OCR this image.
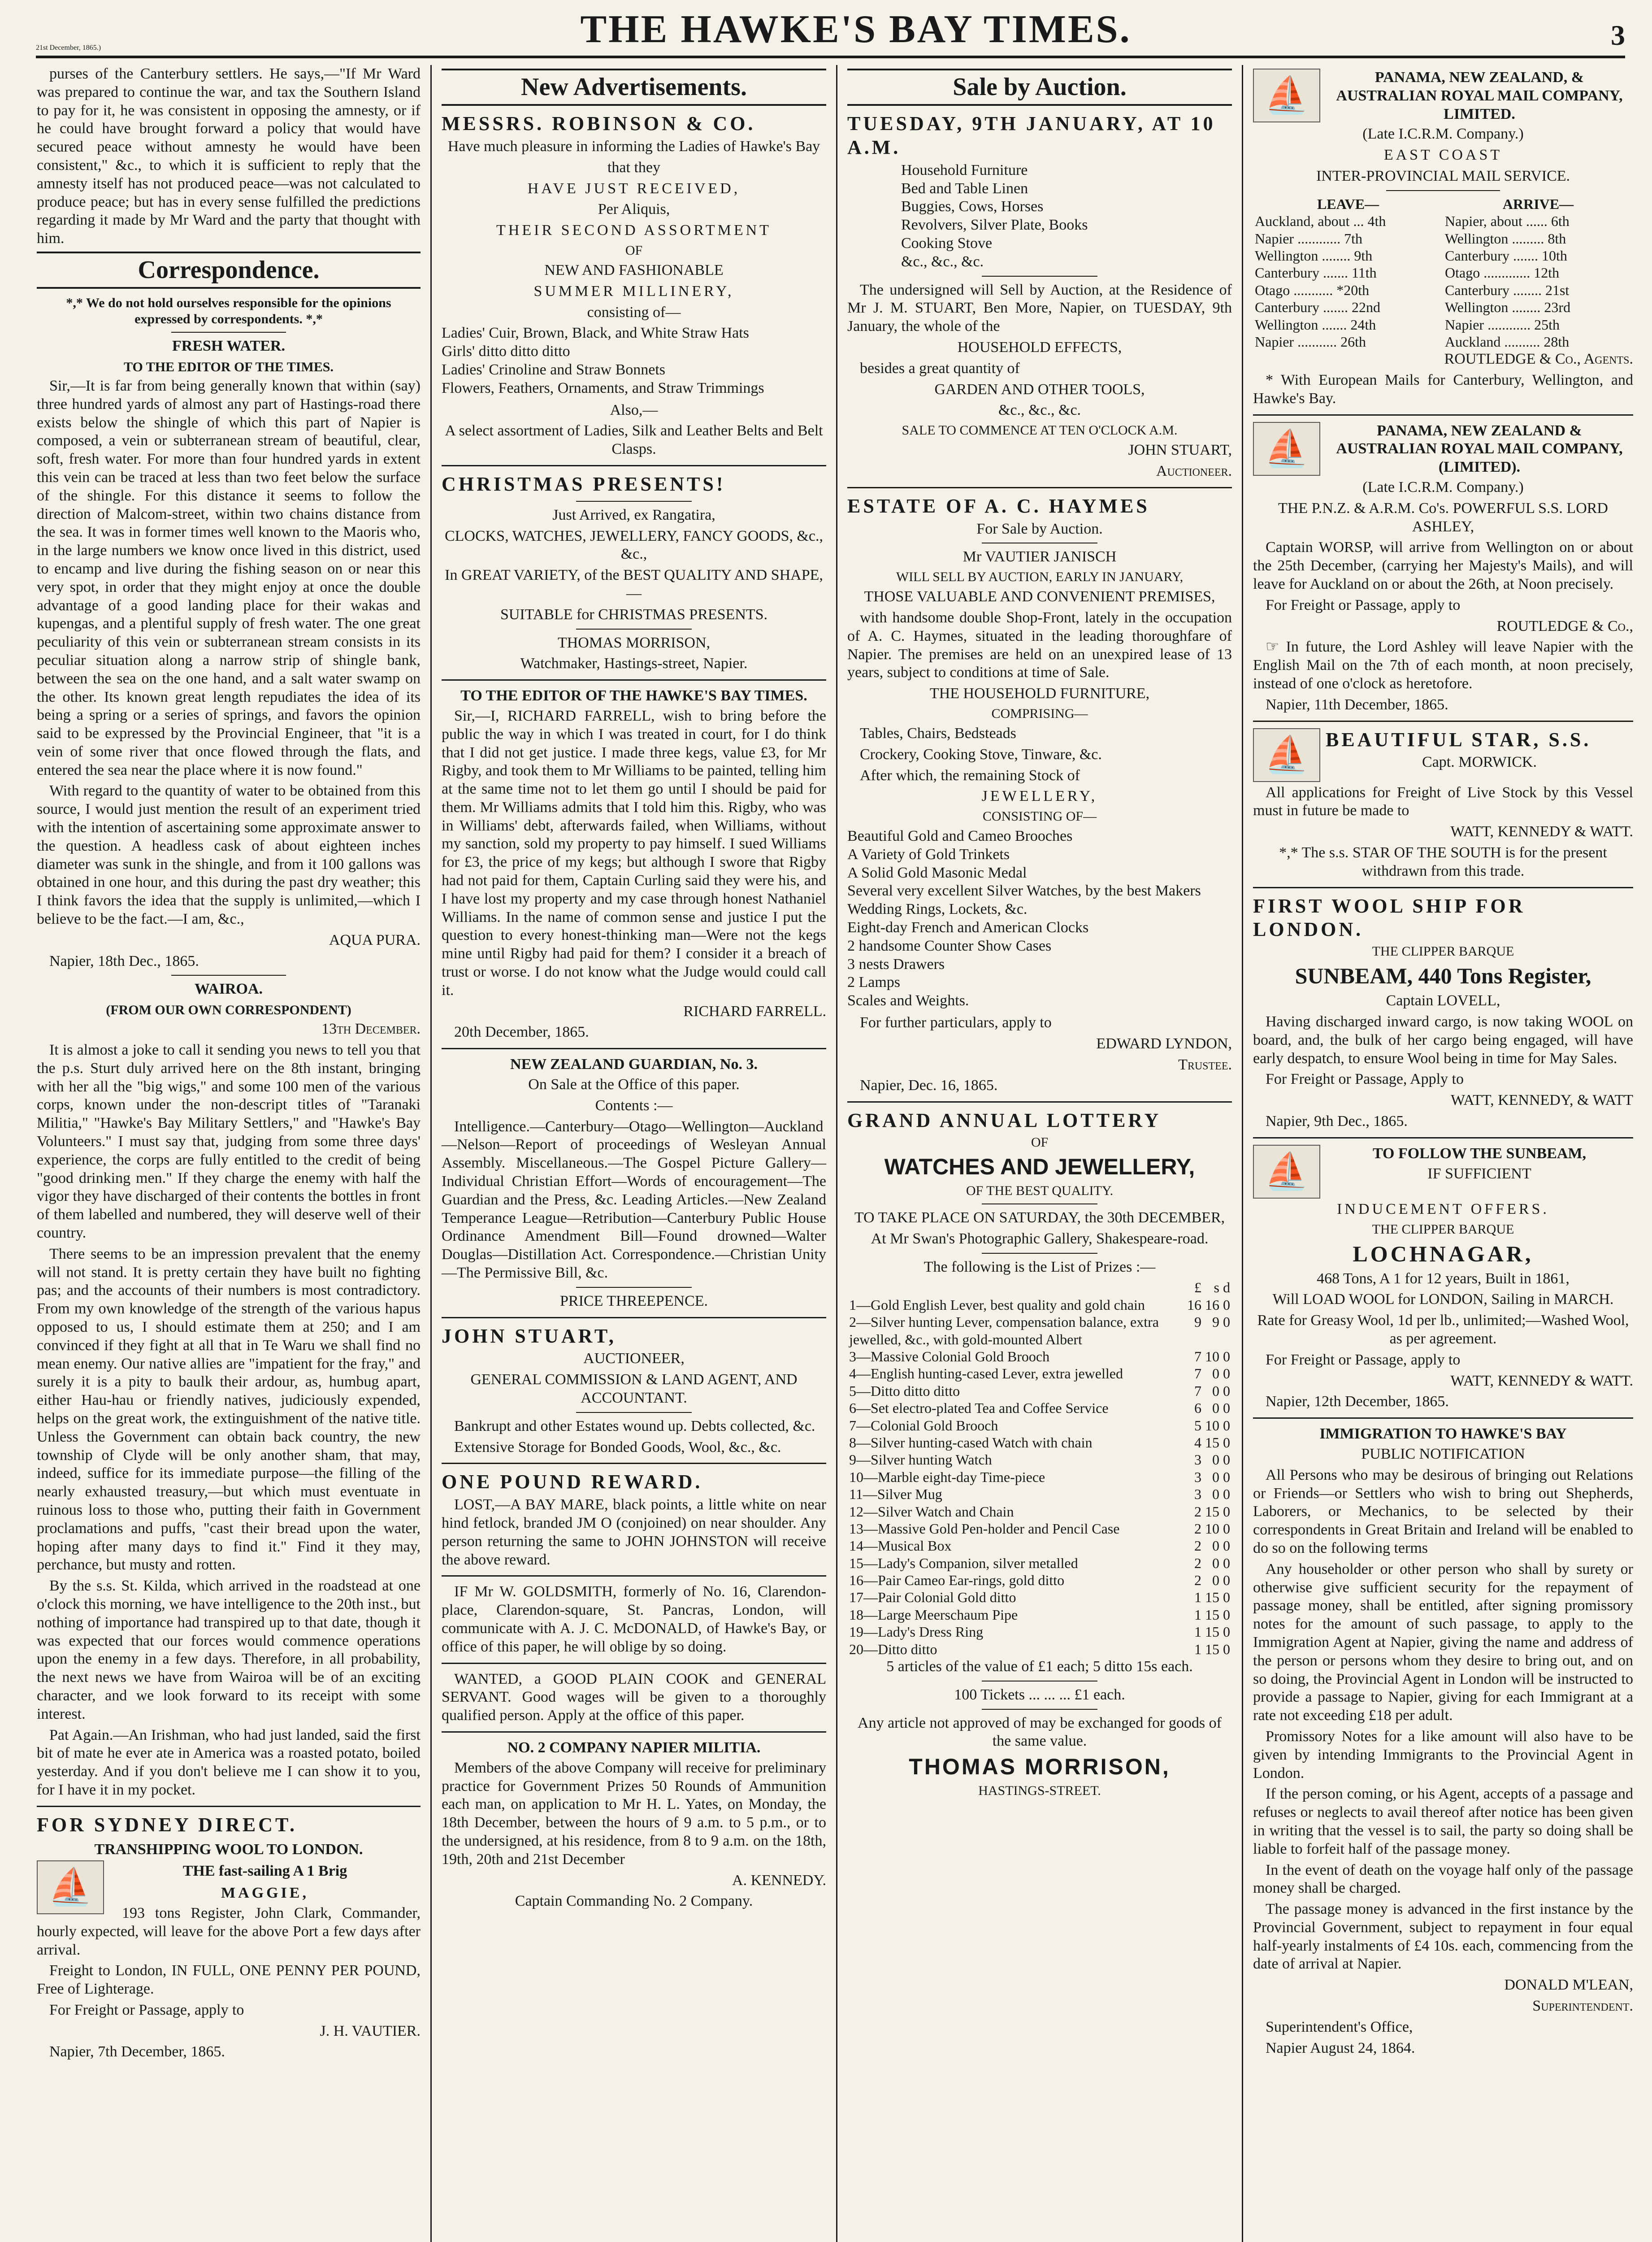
21st December, 1865.)	THE HAWKE'S BAY TIMES.	3

purses of the Canterbury settlers. He says,—"If Mr Ward was prepared to continue the war, and tax the Southern Island to pay for it, he was consistent in opposing the amnesty, or if he could have brought forward a policy that would have secured peace without amnesty he would have been consistent," &c., to which it is sufficient to reply that the amnesty itself has not produced peace—was not calculated to produce peace; but has in every sense fulfilled the predictions regarding it made by Mr Ward and the party that thought with him.

Correspondence.

*,* We do not hold ourselves responsible for the opinions expressed by correspondents. *,*

FRESH WATER.
TO THE EDITOR OF THE TIMES.

Sir,—It is far from being generally known that within (say) three hundred yards of almost any part of Hastings-road there exists below the shingle of which this part of Napier is composed, a vein or subterranean stream of beautiful, clear, soft, fresh water. For more than four hundred yards in extent this vein can be traced at less than two feet below the surface of the shingle. For this distance it seems to follow the direction of Malcom-street, within two chains distance from the sea. It was in former times well known to the Maoris who, in the large numbers we know once lived in this district, used to encamp and live during the fishing season on or near this very spot, in order that they might enjoy at once the double advantage of a good landing place for their wakas and kupengas, and a plentiful supply of fresh water. The one great peculiarity of this vein or subterranean stream consists in its peculiar situation along a narrow strip of shingle bank, between the sea on the one hand, and a salt water swamp on the other. Its known great length repudiates the idea of its being a spring or a series of springs, and favors the opinion said to be expressed by the Provincial Engineer, that "it is a vein of some river that once flowed through the flats, and entered the sea near the place where it is now found."

With regard to the quantity of water to be obtained from this source, I would just mention the result of an experiment tried with the intention of ascertaining some approximate answer to the question. A headless cask of about eighteen inches diameter was sunk in the shingle, and from it 100 gallons was obtained in one hour, and this during the past dry weather; this I think favors the idea that the supply is unlimited,—which I believe to be the fact.—I am, &c.,

AQUA PURA.

Napier, 18th Dec., 1865.

WAIROA.
(FROM OUR OWN CORRESPONDENT)

13th December.

It is almost a joke to call it sending you news to tell you that the p.s. Sturt duly arrived here on the 8th instant, bringing with her all the "big wigs," and some 100 men of the various corps, known under the non-descript titles of "Taranaki Militia," "Hawke's Bay Military Settlers," and "Hawke's Bay Volunteers." I must say that, judging from some three days' experience, the corps are fully entitled to the credit of being "good drinking men." If they charge the enemy with half the vigor they have discharged of their contents the bottles in front of them labelled and numbered, they will deserve well of their country.

There seems to be an impression prevalent that the enemy will not stand. It is pretty certain they have built no fighting pas; and the accounts of their numbers is most contradictory. From my own knowledge of the strength of the various hapus opposed to us, I should estimate them at 250; and I am convinced if they fight at all that in Te Waru we shall find no mean enemy. Our native allies are "impatient for the fray," and surely it is a pity to baulk their ardour, as, humbug apart, either Hau-hau or friendly natives, judiciously expended, helps on the great work, the extinguishment of the native title. Unless the Government can obtain back country, the new township of Clyde will be only another sham, that may, indeed, suffice for its immediate purpose—the filling of the nearly exhausted treasury,—but which must eventuate in ruinous loss to those who, putting their faith in Government proclamations and puffs, "cast their bread upon the water, hoping after many days to find it." Find it they may, perchance, but musty and rotten.

By the s.s. St. Kilda, which arrived in the roadstead at one o'clock this morning, we have intelligence to the 20th inst., but nothing of importance had transpired up to that date, though it was expected that our forces would commence operations upon the enemy in a few days. Therefore, in all probability, the next news we have from Wairoa will be of an exciting character, and we look forward to its receipt with some interest.

Pat Again.—An Irishman, who had just landed, said the first bit of mate he ever ate in America was a roasted potato, boiled yesterday. And if you don't believe me I can show it to you, for I have it in my pocket.

FOR SYDNEY DIRECT.
TRANSHIPPING WOOL TO LONDON.
⛵	THE fast-sailing A 1 Brig
MAGGIE,

193 tons Register, John Clark, Commander, hourly expected, will leave for the above Port a few days after arrival.

Freight to London, IN FULL, ONE PENNY PER POUND, Free of Lighterage.

For Freight or Passage, apply to

J. H. VAUTIER.

Napier, 7th December, 1865.

New Advertisements.
MESSRS. ROBINSON & CO.

Have much pleasure in informing the Ladies of Hawke's Bay

that they

HAVE JUST RECEIVED,

Per Aliquis,

THEIR SECOND ASSORTMENT

OF

NEW AND FASHIONABLE

SUMMER MILLINERY,

consisting of—

Ladies' Cuir, Brown, Black, and White Straw Hats
Girls' ditto ditto ditto
Ladies' Crinoline and Straw Bonnets
Flowers, Feathers, Ornaments, and Straw Trimmings

Also,—

A select assortment of Ladies, Silk and Leather Belts and Belt Clasps.

CHRISTMAS PRESENTS!

Just Arrived, ex Rangatira,

CLOCKS, WATCHES, JEWELLERY, FANCY GOODS, &c., &c.,

In GREAT VARIETY, of the BEST QUALITY AND SHAPE,—

SUITABLE for CHRISTMAS PRESENTS.

THOMAS MORRISON,

Watchmaker, Hastings-street, Napier.

TO THE EDITOR OF THE HAWKE'S BAY TIMES.

Sir,—I, RICHARD FARRELL, wish to bring before the public the way in which I was treated in court, for I do think that I did not get justice. I made three kegs, value £3, for Mr Rigby, and took them to Mr Williams to be painted, telling him at the same time not to let them go until I should be paid for them. Mr Williams admits that I told him this. Rigby, who was in Williams' debt, afterwards failed, when Williams, without my sanction, sold my property to pay himself. I sued Williams for £3, the price of my kegs; but although I swore that Rigby had not paid for them, Captain Curling said they were his, and I have lost my property and my case through honest Nathaniel Williams. In the name of common sense and justice I put the question to every honest-thinking man—Were not the kegs mine until Rigby had paid for them? I consider it a breach of trust or worse. I do not know what the Judge would could call it.

RICHARD FARRELL.

20th December, 1865.

NEW ZEALAND GUARDIAN, No. 3.

On Sale at the Office of this paper.

Contents :—

Intelligence.—Canterbury—Otago—Wellington—Auckland—Nelson—Report of proceedings of Wesleyan Annual Assembly. Miscellaneous.—The Gospel Picture Gallery—Individual Christian Effort—Words of encouragement—The Guardian and the Press, &c. Leading Articles.—New Zealand Temperance League—Retribution—Canterbury Public House Ordinance Amendment Bill—Found drowned—Walter Douglas—Distillation Act. Correspondence.—Christian Unity—The Permissive Bill, &c.

PRICE THREEPENCE.

JOHN STUART,

AUCTIONEER,

GENERAL COMMISSION & LAND AGENT, AND ACCOUNTANT.

Bankrupt and other Estates wound up. Debts collected, &c.

Extensive Storage for Bonded Goods, Wool, &c., &c.

ONE POUND REWARD.

LOST,—A BAY MARE, black points, a little white on near hind fetlock, branded JM O (conjoined) on near shoulder. Any person returning the same to JOHN JOHNSTON will receive the above reward.

IF Mr W. GOLDSMITH, formerly of No. 16, Clarendon-place, Clarendon-square, St. Pancras, London, will communicate with A. J. C. McDONALD, of Hawke's Bay, or office of this paper, he will oblige by so doing.

WANTED, a GOOD PLAIN COOK and GENERAL SERVANT. Good wages will be given to a thoroughly qualified person. Apply at the office of this paper.

NO. 2 COMPANY NAPIER MILITIA.

Members of the above Company will receive for preliminary practice for Government Prizes 50 Rounds of Ammunition each man, on application to Mr H. L. Yates, on Monday, the 18th December, between the hours of 9 a.m. to 5 p.m., or to the undersigned, at his residence, from 8 to 9 a.m. on the 18th, 19th, 20th and 21st December

A. KENNEDY.

Captain Commanding No. 2 Company.

Sale by Auction.
TUESDAY, 9TH JANUARY, AT 10 A.M.
Household Furniture
Bed and Table Linen
Buggies, Cows, Horses
Revolvers, Silver Plate, Books
Cooking Stove
&c., &c., &c.

The undersigned will Sell by Auction, at the Residence of Mr J. M. STUART, Ben More, Napier, on TUESDAY, 9th January, the whole of the

HOUSEHOLD EFFECTS,

besides a great quantity of

GARDEN AND OTHER TOOLS,

&c., &c., &c.

SALE TO COMMENCE AT TEN O'CLOCK A.M.

JOHN STUART,

Auctioneer.

ESTATE OF A. C. HAYMES

For Sale by Auction.

Mr VAUTIER JANISCH

WILL SELL BY AUCTION, EARLY IN JANUARY,

THOSE VALUABLE AND CONVENIENT PREMISES,

with handsome double Shop-Front, lately in the occupation of A. C. Haymes, situated in the leading thoroughfare of Napier. The premises are held on an unexpired lease of 13 years, subject to conditions at time of Sale.

THE HOUSEHOLD FURNITURE,

COMPRISING—

Tables, Chairs, Bedsteads

Crockery, Cooking Stove, Tinware, &c.

After which, the remaining Stock of

JEWELLERY,

CONSISTING OF—

Beautiful Gold and Cameo Brooches
A Variety of Gold Trinkets
A Solid Gold Masonic Medal
Several very excellent Silver Watches, by the best Makers
Wedding Rings, Lockets, &c.
Eight-day French and American Clocks
2 handsome Counter Show Cases
3 nests Drawers
2 Lamps
Scales and Weights.

For further particulars, apply to

EDWARD LYNDON,

Trustee.

Napier, Dec. 16, 1865.

GRAND ANNUAL LOTTERY

OF

WATCHES AND JEWELLERY,

OF THE BEST QUALITY.

TO TAKE PLACE ON SATURDAY, the 30th DECEMBER,

At Mr Swan's Photographic Gallery, Shakespeare-road.

The following is the List of Prizes :—

	£	s	d
1—Gold English Lever, best quality and gold chain	16	16	0
2—Silver hunting Lever, compensation balance, extra jewelled, &c., with gold-mounted Albert	9	9	0
3—Massive Colonial Gold Brooch	7	10	0
4—English hunting-cased Lever, extra jewelled	7	0	0
5—Ditto ditto ditto	7	0	0
6—Set electro-plated Tea and Coffee Service	6	0	0
7—Colonial Gold Brooch	5	10	0
8—Silver hunting-cased Watch with chain	4	15	0
9—Silver hunting Watch	3	0	0
10—Marble eight-day Time-piece	3	0	0
11—Silver Mug	3	0	0
12—Silver Watch and Chain	2	15	0
13—Massive Gold Pen-holder and Pencil Case	2	10	0
14—Musical Box	2	0	0
15—Lady's Companion, silver metalled	2	0	0
16—Pair Cameo Ear-rings, gold ditto	2	0	0
17—Pair Colonial Gold ditto	1	15	0
18—Large Meerschaum Pipe	1	15	0
19—Lady's Dress Ring	1	15	0
20—Ditto ditto	1	15	0

5 articles of the value of £1 each; 5 ditto 15s each.

100 Tickets ... ... ... £1 each.

Any article not approved of may be exchanged for goods of the same value.

THOMAS MORRISON,

HASTINGS-STREET.

⛵	PANAMA, NEW ZEALAND, & AUSTRALIAN ROYAL MAIL COMPANY, LIMITED.

(Late I.C.R.M. Company.)

EAST COAST

INTER-PROVINCIAL MAIL SERVICE.

LEAVE—	ARRIVE—
Auckland, about ... 4th	Napier, about ...... 6th
Napier ............ 7th	Wellington ......... 8th
Wellington ........ 9th	Canterbury ....... 10th
Canterbury ....... 11th	Otago ............. 12th
Otago ........... *20th	Canterbury ........ 21st
Canterbury ....... 22nd	Wellington ........ 23rd
Wellington ....... 24th	Napier ............ 25th
Napier ........... 26th	Auckland .......... 28th

ROUTLEDGE & Co., Agents.

* With European Mails for Canterbury, Wellington, and Hawke's Bay.

⛵	PANAMA, NEW ZEALAND & AUSTRALIAN ROYAL MAIL COMPANY, (LIMITED).

(Late I.C.R.M. Company.)

THE P.N.Z. & A.R.M. Co's. POWERFUL S.S. LORD ASHLEY,

Captain WORSP, will arrive from Wellington on or about the 25th December, (carrying her Majesty's Mails), and will leave for Auckland on or about the 26th, at Noon precisely.

For Freight or Passage, apply to

ROUTLEDGE & Co.,

☞ In future, the Lord Ashley will leave Napier with the English Mail on the 7th of each month, at noon precisely, instead of one o'clock as heretofore.

Napier, 11th December, 1865.

⛵ BEAUTIFUL STAR, S.S.

Capt. MORWICK.

All applications for Freight of Live Stock by this Vessel must in future be made to

WATT, KENNEDY & WATT.

*,* The s.s. STAR OF THE SOUTH is for the present withdrawn from this trade.

FIRST WOOL SHIP FOR LONDON.

THE CLIPPER BARQUE

SUNBEAM, 440 Tons Register,

Captain LOVELL,

Having discharged inward cargo, is now taking WOOL on board, and, the bulk of her cargo being engaged, will have early despatch, to ensure Wool being in time for May Sales.

For Freight or Passage, Apply to

WATT, KENNEDY, & WATT

Napier, 9th Dec., 1865.

⛵	TO FOLLOW THE SUNBEAM,

IF SUFFICIENT

INDUCEMENT OFFERS.

THE CLIPPER BARQUE

LOCHNAGAR,

468 Tons, A 1 for 12 years, Built in 1861,

Will LOAD WOOL for LONDON, Sailing in MARCH.

Rate for Greasy Wool, 1d per lb., unlimited;—Washed Wool, as per agreement.

For Freight or Passage, apply to

WATT, KENNEDY & WATT.

Napier, 12th December, 1865.

IMMIGRATION TO HAWKE'S BAY

PUBLIC NOTIFICATION

All Persons who may be desirous of bringing out Relations or Friends—or Settlers who wish to bring out Shepherds, Laborers, or Mechanics, to be selected by their correspondents in Great Britain and Ireland will be enabled to do so on the following terms

Any householder or other person who shall by surety or otherwise give sufficient security for the repayment of passage money, shall be entitled, after signing promissory notes for the amount of such passage, to apply to the Immigration Agent at Napier, giving the name and address of the person or persons whom they desire to bring out, and on so doing, the Provincial Agent in London will be instructed to provide a passage to Napier, giving for each Immigrant at a rate not exceeding £18 per adult.

Promissory Notes for a like amount will also have to be given by intending Immigrants to the Provincial Agent in London.

If the person coming, or his Agent, accepts of a passage and refuses or neglects to avail thereof after notice has been given in writing that the vessel is to sail, the party so doing shall be liable to forfeit half of the passage money.

In the event of death on the voyage half only of the passage money shall be charged.

The passage money is advanced in the first instance by the Provincial Government, subject to repayment in four equal half-yearly instalments of £4 10s. each, commencing from the date of arrival at Napier.

DONALD M'LEAN,

Superintendent.

Superintendent's Office,

Napier August 24, 1864.
